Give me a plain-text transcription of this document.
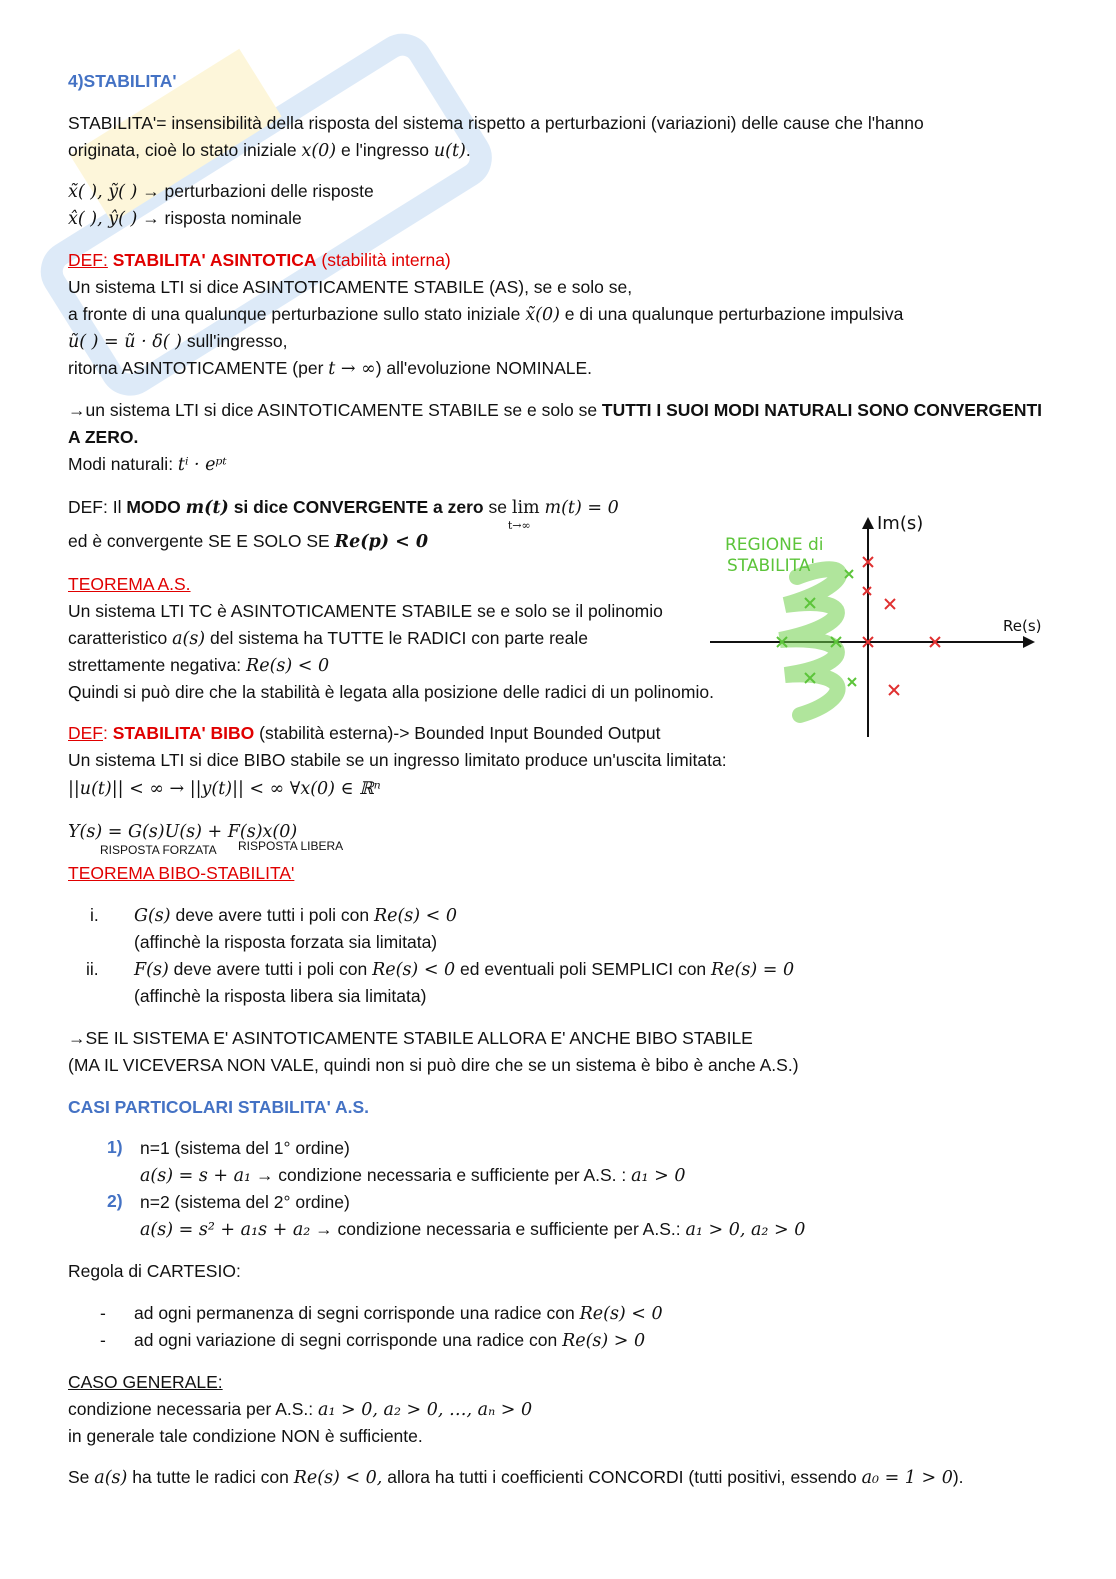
4)STABILITA'
STABILITA'= insensibilità della risposta del sistema rispetto a perturbazioni (variazioni) delle cause che l'hanno
originata, cioè lo stato iniziale x(0) e l'ingresso u(t).
x̃( ), ỹ( ) → perturbazioni delle risposte
x̂( ), ŷ( ) → risposta nominale
DEF: STABILITA' ASINTOTICA (stabilità interna)
Un sistema LTI si dice ASINTOTICAMENTE STABILE (AS), se e solo se,
a fronte di una qualunque perturbazione sullo stato iniziale x̃(0) e di una qualunque perturbazione impulsiva
ũ( ) = ũ · δ( ) sull'ingresso,
ritorna ASINTOTICAMENTE (per t → ∞) all'evoluzione NOMINALE.
→un sistema LTI si dice ASINTOTICAMENTE STABILE se e solo se TUTTI I SUOI MODI NATURALI SONO CONVERGENTI
A ZERO.
Modi naturali: tⁱ · eᵖᵗ
DEF: Il MODO m(t) si dice CONVERGENTE a zero se lim
t→∞
m(t) = 0
ed è convergente SE E SOLO SE Re(p) < 0
TEOREMA A.S.
Un sistema LTI TC è ASINTOTICAMENTE STABILE se e solo se il polinomio
caratteristico a(s) del sistema ha TUTTE le RADICI con parte reale
strettamente negativa: Re(s) < 0
Quindi si può dire che la stabilità è legata alla posizione delle radici di un polinomio.
Im(s)
Re(s)
REGIONE di
STABILITA'
DEF: STABILITA' BIBO (stabilità esterna)-> Bounded Input Bounded Output
Un sistema LTI si dice BIBO stabile se un ingresso limitato produce un'uscita limitata:
||u(t)|| < ∞ → ||y(t)|| < ∞ ∀x(0) ∈ ℝⁿ
Y(s) = G(s)U(s) + F(s)x(0)
RISPOSTA FORZATA RISPOSTA LIBERA
TEOREMA BIBO-STABILITA'
i. G(s) deve avere tutti i poli con Re(s) < 0
(affinchè la risposta forzata sia limitata)
ii. F(s) deve avere tutti i poli con Re(s) < 0 ed eventuali poli SEMPLICI con Re(s) = 0
(affinchè la risposta libera sia limitata)
→SE IL SISTEMA E' ASINTOTICAMENTE STABILE ALLORA E' ANCHE BIBO STABILE
(MA IL VICEVERSA NON VALE, quindi non si può dire che se un sistema è bibo è anche A.S.)
CASI PARTICOLARI STABILITA' A.S.
1) n=1 (sistema del 1° ordine)
a(s) = s + a₁ → condizione necessaria e sufficiente per A.S. : a₁ > 0
2) n=2 (sistema del 2° ordine)
a(s) = s² + a₁s + a₂ → condizione necessaria e sufficiente per A.S.: a₁ > 0, a₂ > 0
Regola di CARTESIO:
- ad ogni permanenza di segni corrisponde una radice con Re(s) < 0
- ad ogni variazione di segni corrisponde una radice con Re(s) > 0
CASO GENERALE:
condizione necessaria per A.S.: a₁ > 0, a₂ > 0, …, aₙ > 0
in generale tale condizione NON è sufficiente.
Se a(s) ha tutte le radici con Re(s) < 0, allora ha tutti i coefficienti CONCORDI (tutti positivi, essendo a₀ = 1 > 0).
